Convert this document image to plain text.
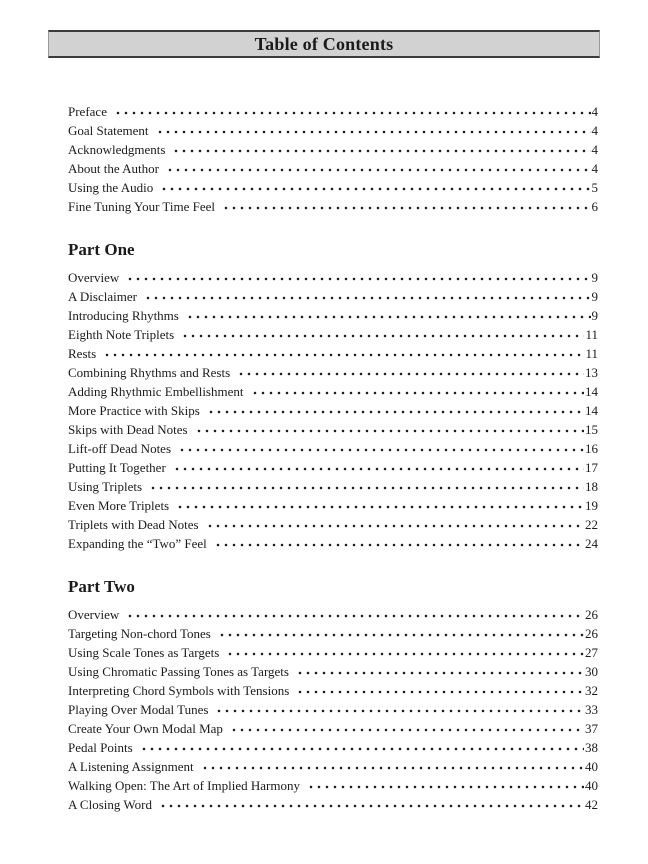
Table of Contents
Preface	4
Goal Statement	4
Acknowledgments	4
About the Author	4
Using the Audio	5
Fine Tuning Your Time Feel	6
Part One
Overview	9
A Disclaimer	9
Introducing Rhythms	9
Eighth Note Triplets	11
Rests	11
Combining Rhythms and Rests	13
Adding Rhythmic Embellishment	14
More Practice with Skips	14
Skips with Dead Notes	15
Lift-off Dead Notes	16
Putting It Together	17
Using Triplets	18
Even More Triplets	19
Triplets with Dead Notes	22
Expanding the “Two” Feel	24
Part Two
Overview	26
Targeting Non-chord Tones	26
Using Scale Tones as Targets	27
Using Chromatic Passing Tones as Targets	30
Interpreting Chord Symbols with Tensions	32
Playing Over Modal Tunes	33
Create Your Own Modal Map	37
Pedal Points	38
A Listening Assignment	40
Walking Open: The Art of Implied Harmony	40
A Closing Word	42
